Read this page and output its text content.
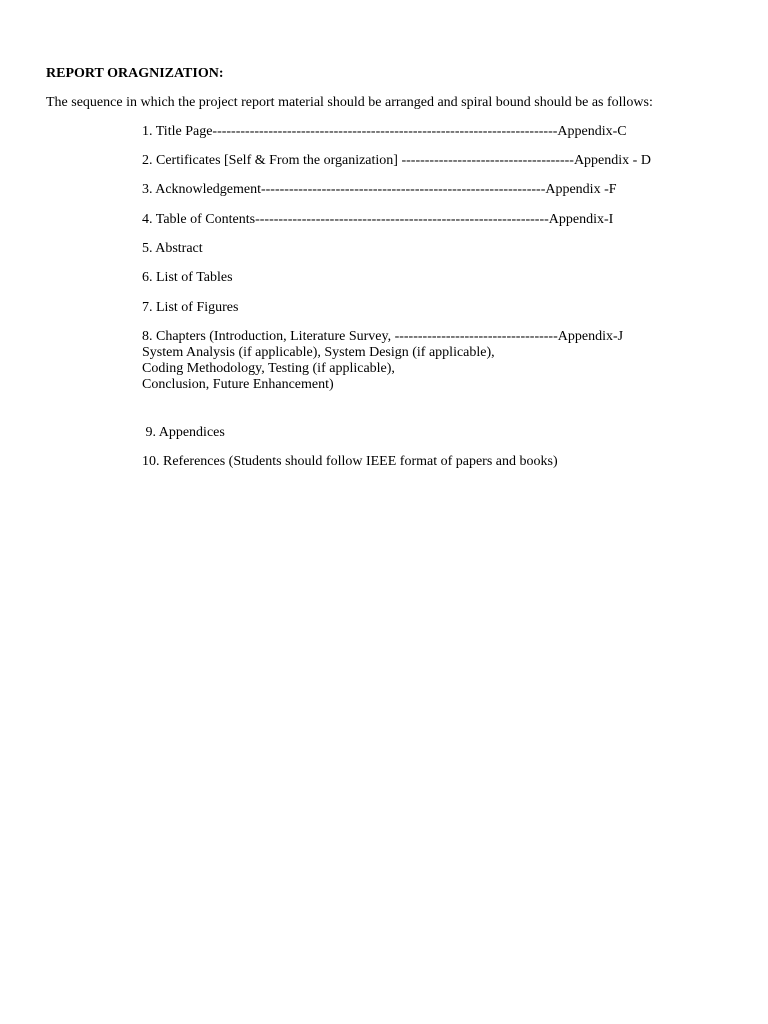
REPORT ORAGNIZATION:
The sequence in which the project report material should be arranged and spiral bound should be as follows:
1. Title Page--------------------------------------------------------------------------Appendix-C
2. Certificates [Self & From the organization] -------------------------------------Appendix - D
3. Acknowledgement-------------------------------------------------------------Appendix -F
4. Table of Contents---------------------------------------------------------------Appendix-I
5. Abstract
6. List of Tables
7. List of Figures
8. Chapters (Introduction, Literature Survey, -----------------------------------Appendix-J
System Analysis (if applicable), System Design (if applicable),
Coding Methodology, Testing (if applicable),
Conclusion, Future Enhancement)
9. Appendices
10. References (Students should follow IEEE format of papers and books)
